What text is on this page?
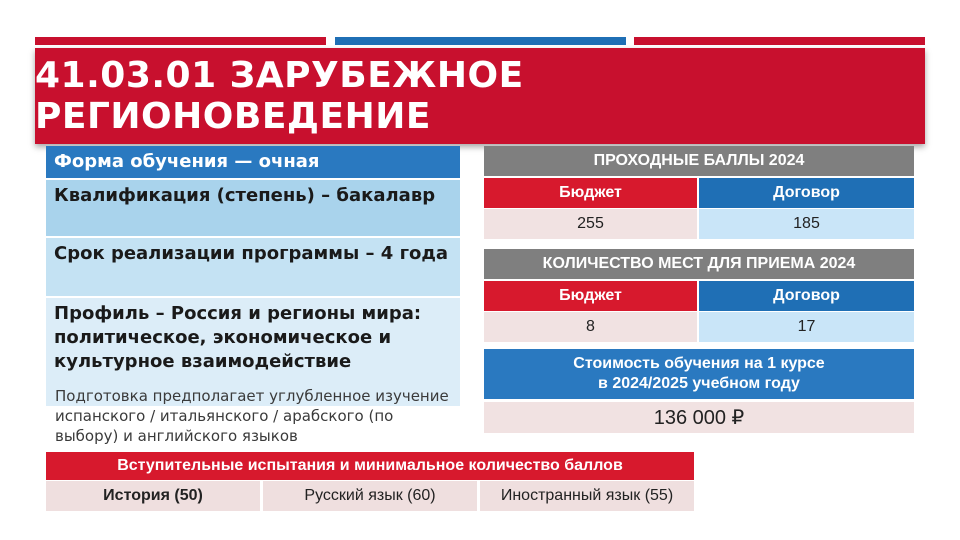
41.03.01 ЗАРУБЕЖНОЕ РЕГИОНОВЕДЕНИЕ
Форма обучения — очная
Квалификация (степень) – бакалавр
Срок реализации программы – 4 года
Профиль – Россия и регионы мира: политическое, экономическое и культурное взаимодействие
Подготовка предполагает углубленное изучение испанского / итальянского / арабского (по выбору) и английского языков
ПРОХОДНЫЕ БАЛЛЫ 2024
Бюджет	Договор
255	185
КОЛИЧЕСТВО МЕСТ ДЛЯ ПРИЕМА 2024
Бюджет	Договор
8	17
Стоимость обучения на 1 курсе
в 2024/2025 учебном году
136 000 ₽
Вступительные испытания и минимальное количество баллов
История (50)	Русский язык (60)	Иностранный язык (55)
